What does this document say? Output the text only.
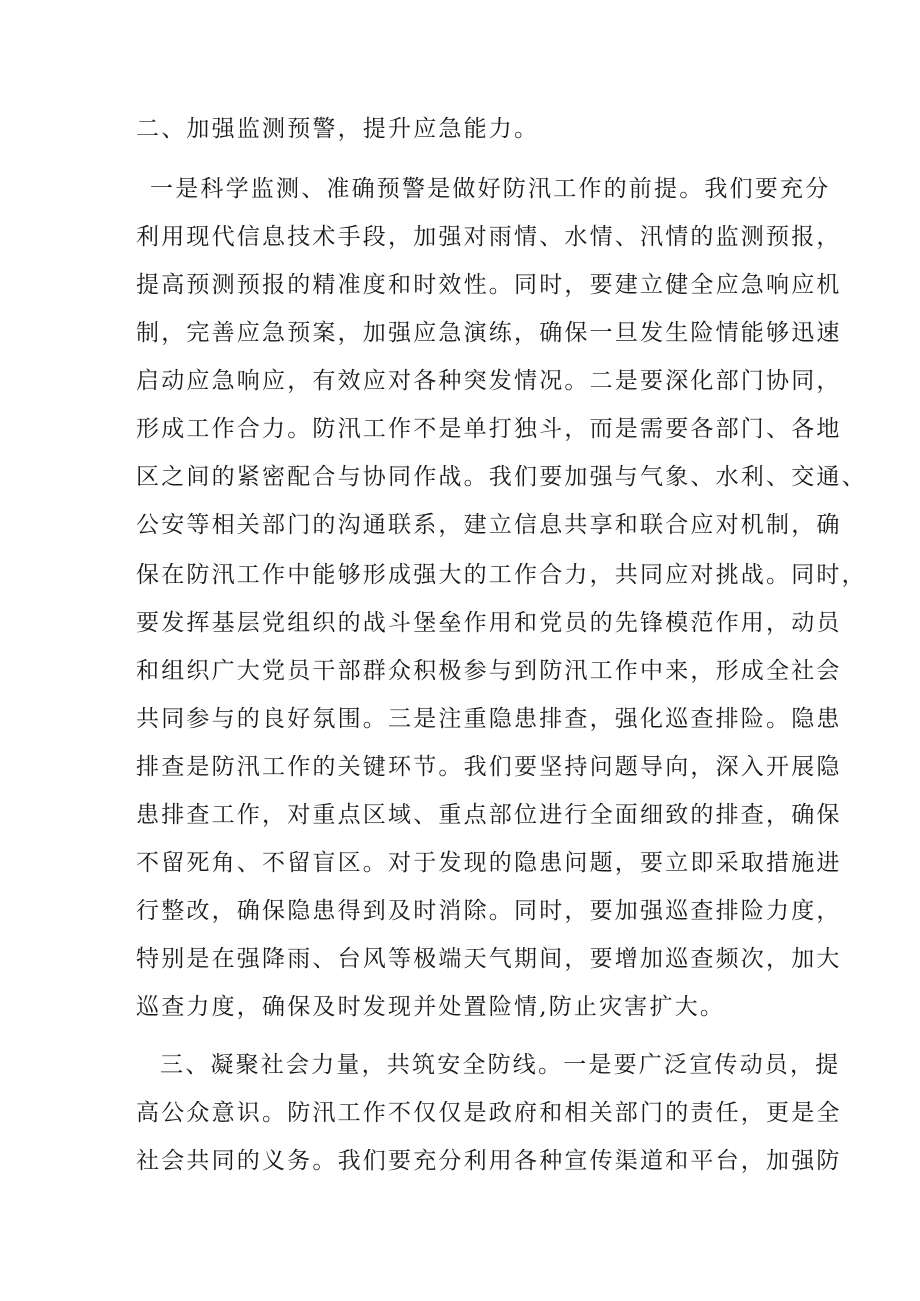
二、加强监测预警，提升应急能力。

一是科学监测、准确预警是做好防汛工作的前提。我们要充分

利用现代信息技术手段，加强对雨情、水情、汛情的监测预报，

提高预测预报的精准度和时效性。同时，要建立健全应急响应机

制，完善应急预案，加强应急演练，确保一旦发生险情能够迅速

启动应急响应，有效应对各种突发情况。二是要深化部门协同，

形成工作合力。防汛工作不是单打独斗，而是需要各部门、各地

区之间的紧密配合与协同作战。我们要加强与气象、水利、交通、

公安等相关部门的沟通联系，建立信息共享和联合应对机制，确

保在防汛工作中能够形成强大的工作合力，共同应对挑战。同时，

要发挥基层党组织的战斗堡垒作用和党员的先锋模范作用，动员

和组织广大党员干部群众积极参与到防汛工作中来，形成全社会

共同参与的良好氛围。三是注重隐患排查，强化巡查排险。隐患

排查是防汛工作的关键环节。我们要坚持问题导向，深入开展隐

患排查工作，对重点区域、重点部位进行全面细致的排查，确保

不留死角、不留盲区。对于发现的隐患问题，要立即采取措施进

行整改，确保隐患得到及时消除。同时，要加强巡查排险力度，

特别是在强降雨、台风等极端天气期间，要增加巡查频次，加大

巡查力度，确保及时发现并处置险情,防止灾害扩大。

三、凝聚社会力量，共筑安全防线。一是要广泛宣传动员，提

高公众意识。防汛工作不仅仅是政府和相关部门的责任，更是全

社会共同的义务。我们要充分利用各种宣传渠道和平台，加强防
